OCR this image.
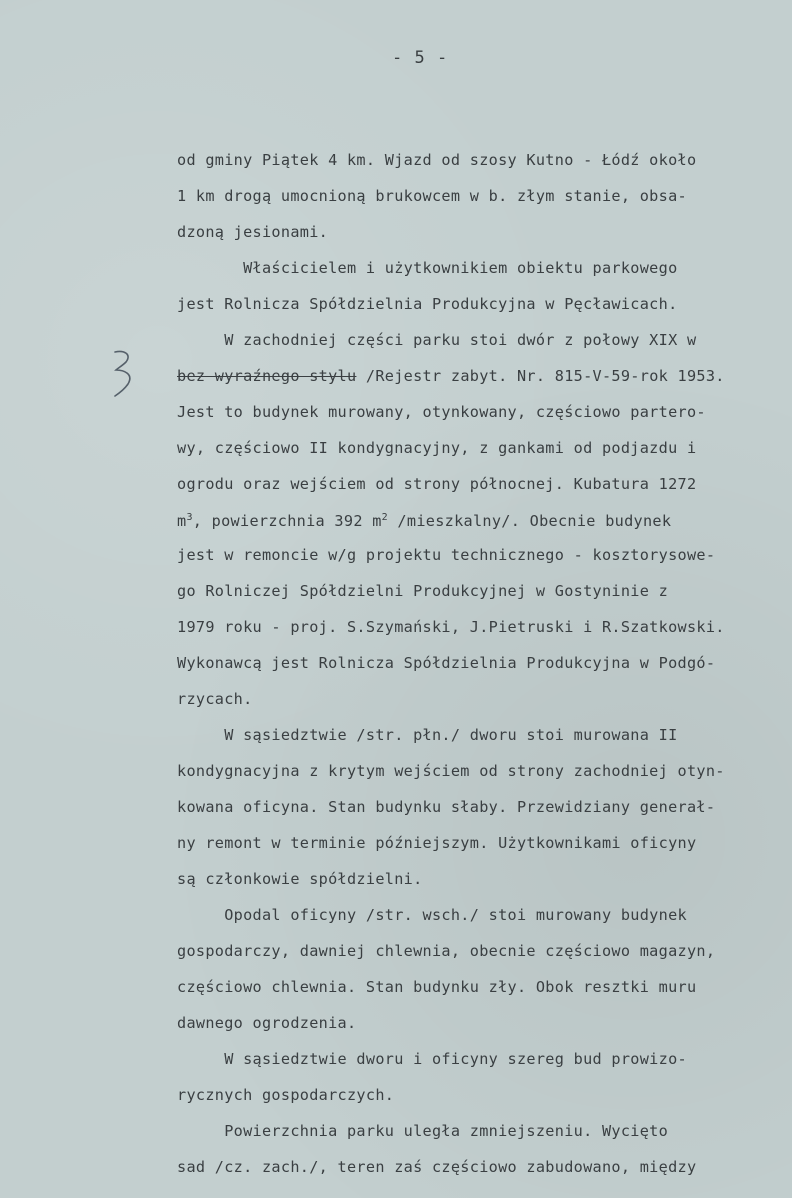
- 5 -
od gminy Piątek 4 km. Wjazd od szosy Kutno - Łódź około
1 km drogą umocnioną brukowcem w b. złym stanie, obsa-
dzoną jesionami.
Właścicielem i użytkownikiem obiektu parkowego
jest Rolnicza Spółdzielnia Produkcyjna w Pęcławicach.
W zachodniej części parku stoi dwór z połowy XIX w
bez wyraźnego stylu /Rejestr zabyt. Nr. 815-V-59-rok 1953.
Jest to budynek murowany, otynkowany, częściowo partero-
wy, częściowo II kondygnacyjny, z gankami od podjazdu i
ogrodu oraz wejściem od strony północnej. Kubatura 1272
$m^3$, powierzchnia 392 $m^2$ /mieszkalny/. Obecnie budynek
jest w remoncie w/g projektu technicznego - kosztorysowe-
go Rolniczej Spółdzielni Produkcyjnej w Gostyninie z
1979 roku - proj. S.Szymański, J.Pietruski i R.Szatkowski.
Wykonawcą jest Rolnicza Spółdzielnia Produkcyjna w Podgó-
rzycach.
W sąsiedztwie /str. płn./ dworu stoi murowana II
kondygnacyjna z krytym wejściem od strony zachodniej otyn-
kowana oficyna. Stan budynku słaby. Przewidziany generał-
ny remont w terminie późniejszym. Użytkownikami oficyny
są członkowie spółdzielni.
Opodal oficyny /str. wsch./ stoi murowany budynek
gospodarczy, dawniej chlewnia, obecnie częściowo magazyn,
częściowo chlewnia. Stan budynku zły. Obok resztki muru
dawnego ogrodzenia.
W sąsiedztwie dworu i oficyny szereg bud prowizo-
rycznych gospodarczych.
Powierzchnia parku uległa zmniejszeniu. Wycięto
sad /cz. zach./, teren zaś częściowo zabudowano, między
